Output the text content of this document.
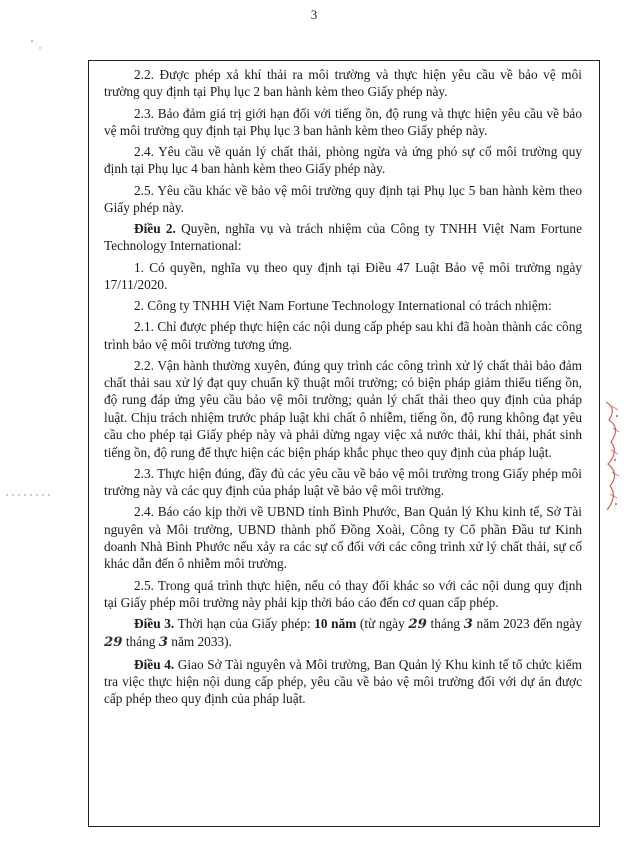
3

2.2. Được phép xả khí thải ra môi trường và thực hiện yêu cầu về bảo vệ môi trường quy định tại Phụ lục 2 ban hành kèm theo Giấy phép này.

2.3. Bảo đảm giá trị giới hạn đối với tiếng ồn, độ rung và thực hiện yêu cầu về bảo vệ môi trường quy định tại Phụ lục 3 ban hành kèm theo Giấy phép này.

2.4. Yêu cầu về quản lý chất thải, phòng ngừa và ứng phó sự cố môi trường quy định tại Phụ lục 4 ban hành kèm theo Giấy phép này.

2.5. Yêu cầu khác về bảo vệ môi trường quy định tại Phụ lục 5 ban hành kèm theo Giấy phép này.

Điều 2. Quyền, nghĩa vụ và trách nhiệm của Công ty TNHH Việt Nam Fortune Technology International:

1. Có quyền, nghĩa vụ theo quy định tại Điều 47 Luật Bảo vệ môi trường ngày 17/11/2020.

2. Công ty TNHH Việt Nam Fortune Technology International có trách nhiệm:

2.1. Chỉ được phép thực hiện các nội dung cấp phép sau khi đã hoàn thành các công trình bảo vệ môi trường tương ứng.

2.2. Vận hành thường xuyên, đúng quy trình các công trình xử lý chất thải bảo đảm chất thải sau xử lý đạt quy chuẩn kỹ thuật môi trường; có biện pháp giảm thiểu tiếng ồn, độ rung đáp ứng yêu cầu bảo vệ môi trường; quản lý chất thải theo quy định của pháp luật. Chịu trách nhiệm trước pháp luật khi chất ô nhiễm, tiếng ồn, độ rung không đạt yêu cầu cho phép tại Giấy phép này và phải dừng ngay việc xả nước thải, khí thải, phát sinh tiếng ồn, độ rung để thực hiện các biện pháp khắc phục theo quy định của pháp luật.

2.3. Thực hiện đúng, đầy đủ các yêu cầu về bảo vệ môi trường trong Giấy phép môi trường này và các quy định của pháp luật về bảo vệ môi trường.

2.4. Báo cáo kịp thời về UBND tỉnh Bình Phước, Ban Quản lý Khu kinh tế, Sở Tài nguyên và Môi trường, UBND thành phố Đồng Xoài, Công ty Cổ phần Đầu tư Kinh doanh Nhà Bình Phước nếu xảy ra các sự cố đối với các công trình xử lý chất thải, sự cố khác dẫn đến ô nhiễm môi trường.

2.5. Trong quá trình thực hiện, nếu có thay đổi khác so với các nội dung quy định tại Giấy phép môi trường này phải kịp thời báo cáo đến cơ quan cấp phép.

Điều 3. Thời hạn của Giấy phép: 10 năm (từ ngày 29 tháng 3 năm 2023 đến ngày 29 tháng 3 năm 2033).

Điều 4. Giao Sở Tài nguyên và Môi trường, Ban Quản lý Khu kinh tế tổ chức kiểm tra việc thực hiện nội dung cấp phép, yêu cầu về bảo vệ môi trường đối với dự án được cấp phép theo quy định của pháp luật.
